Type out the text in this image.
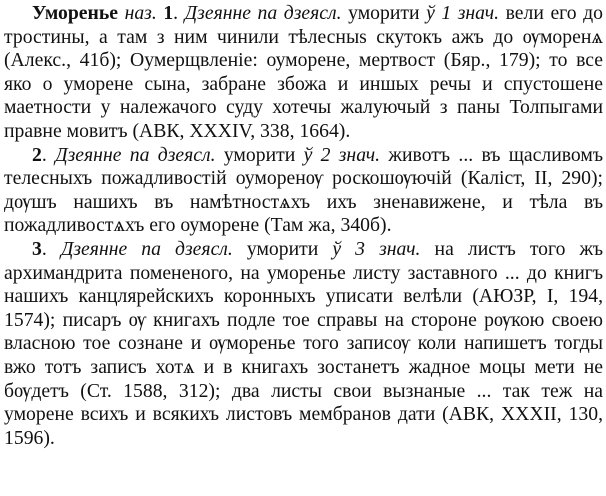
Уморенье наз. 1. Дзеянне па дзеясл. уморити ў 1 знач. вели его до тростины, а там з ним чинили тѣлесныѕ скутокъ ажъ до ѹморенѧ (Алекс., 41б); Оумерщвленіе: оуморене, мертвост (Бяр., 179); то все яко о уморене сына, забране збожа и иншых речы и спустошене маетности у належачого суду хотечы жалуючый з паны Толпыгами правне мовитъ (АВК, XXXIV, 338, 1664).

2. Дзеянне па дзеясл. уморити ў 2 знач. животъ ... въ щасливомъ телесныхъ пожадливостій оуморенѹ роскошѹючій (Каліст, II, 290); дѹшъ нашихъ въ намѣтностѧхъ ихъ зненавиженe, и тѣла въ пожадливостѧхъ его оуморене (Там жа, 340б).

3. Дзеянне па дзеясл. уморити ў 3 знач. на листъ того жъ архимандрита помененого, на уморенье листу заставного ... до книгъ нашихъ канцлярейскихъ коронныхъ уписати велѣли (АЮЗР, I, 194, 1574); писаръ ѹ книгахъ подле тое справы на стороне рѹкою своею власною тое сознане и ѹморенье того записѹ коли напишетъ тогды вжо тотъ записъ хотѧ и в книгахъ зостанетъ жадное моцы мети не бѹдетъ (Ст. 1588, 312); два листы свои вызнаные ... так теж на уморене всихъ и всякихъ листовъ мембранов дати (АВК, XXXII, 130, 1596).
